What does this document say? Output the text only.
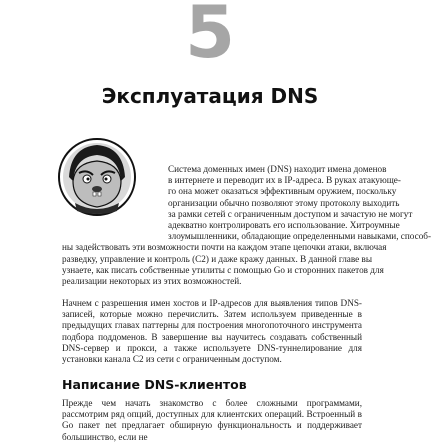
5
Эксплуатация DNS
Система доменных имен (DNS) находит имена доменов
в интернете и переводит их в IP-адреса. В руках атакующе-
го она может оказаться эффективным оружием, поскольку
организации обычно позволяют этому протоколу выходить
за рамки сетей с ограниченным доступом и зачастую не могут
адекватно контролировать его использование. Хитроумные
злоумышленники, обладающие определенными навыками, способ-
ны задействовать эти возможности почти на каждом этапе цепочки атаки, включая
разведку, управление и контроль (C2) и даже кражу данных. В данной главе вы
узнаете, как писать собственные утилиты с помощью Go и сторонних пакетов для
реализации некоторых из этих возможностей.

Начнем с разрешения имен хостов и IP-адресов для выявления типов DNS-записей, которые можно перечислить. Затем используем приведенные в предыдущих главах паттерны для построения многопоточного инструмента подбора поддоменов. В завершение вы научитесь создавать собственный DNS-сервер и прокси, а также используете DNS-туннелирование для установки канала C2 из сети с ограниченным доступом.

Написание DNS-клиентов

Прежде чем начать знакомство с более сложными программами, рассмотрим ряд опций, доступных для клиентских операций. Встроенный в Go пакет net предлагает обширную функциональность и поддерживает большинство, если не
